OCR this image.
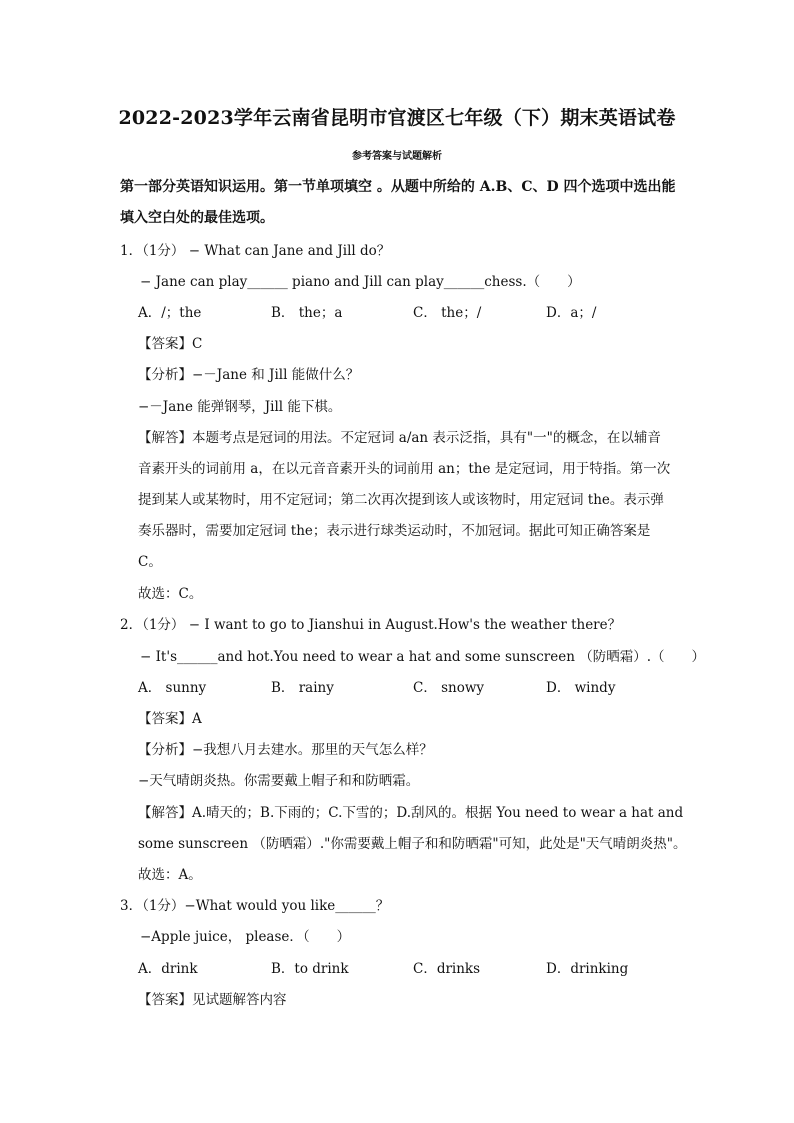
2022-2023学年云南省昆明市官渡区七年级（下）期末英语试卷
参考答案与试题解析
第一部分英语知识运用。第一节单项填空 。从题中所给的 A.B、C、D 四个选项中选出能
填入空白处的最佳选项。
1．（1分） − What can Jane and Jill do？
− Jane can play______ piano and Jill can play______chess.（　　）
A．/；the	B． the；a	C． the；/	D．a；/
【答案】C
【分析】−－Jane 和 Jill 能做什么？
−－Jane 能弹钢琴，Jill 能下棋。
【解答】本题考点是冠词的用法。不定冠词 a/an 表示泛指，具有"一"的概念，在以辅音
音素开头的词前用 a，在以元音音素开头的词前用 an；the 是定冠词，用于特指。第一次
提到某人或某物时，用不定冠词；第二次再次提到该人或该物时，用定冠词 the。表示弹
奏乐器时，需要加定冠词 the；表示进行球类运动时，不加冠词。据此可知正确答案是
C。
故选：C。
2．（1分） − I want to go to Jianshui in August.How's the weather there？
− It's______and hot.You need to wear a hat and some sunscreen （防晒霜）.（　　）
A． sunny	B． rainy	C． snowy	D． windy
【答案】A
【分析】−我想八月去建水。那里的天气怎么样？
−天气晴朗炎热。你需要戴上帽子和和防晒霜。
【解答】A.晴天的；B.下雨的；C.下雪的；D.刮风的。根据 You need to wear a hat and
some sunscreen （防晒霜）."你需要戴上帽子和和防晒霜"可知，此处是"天气晴朗炎热"。
故选：A。
3．（1分）−What would you like______？
−Apple juice， please．（　　）
A．drink	B．to drink	C．drinks	D．drinking
【答案】见试题解答内容
